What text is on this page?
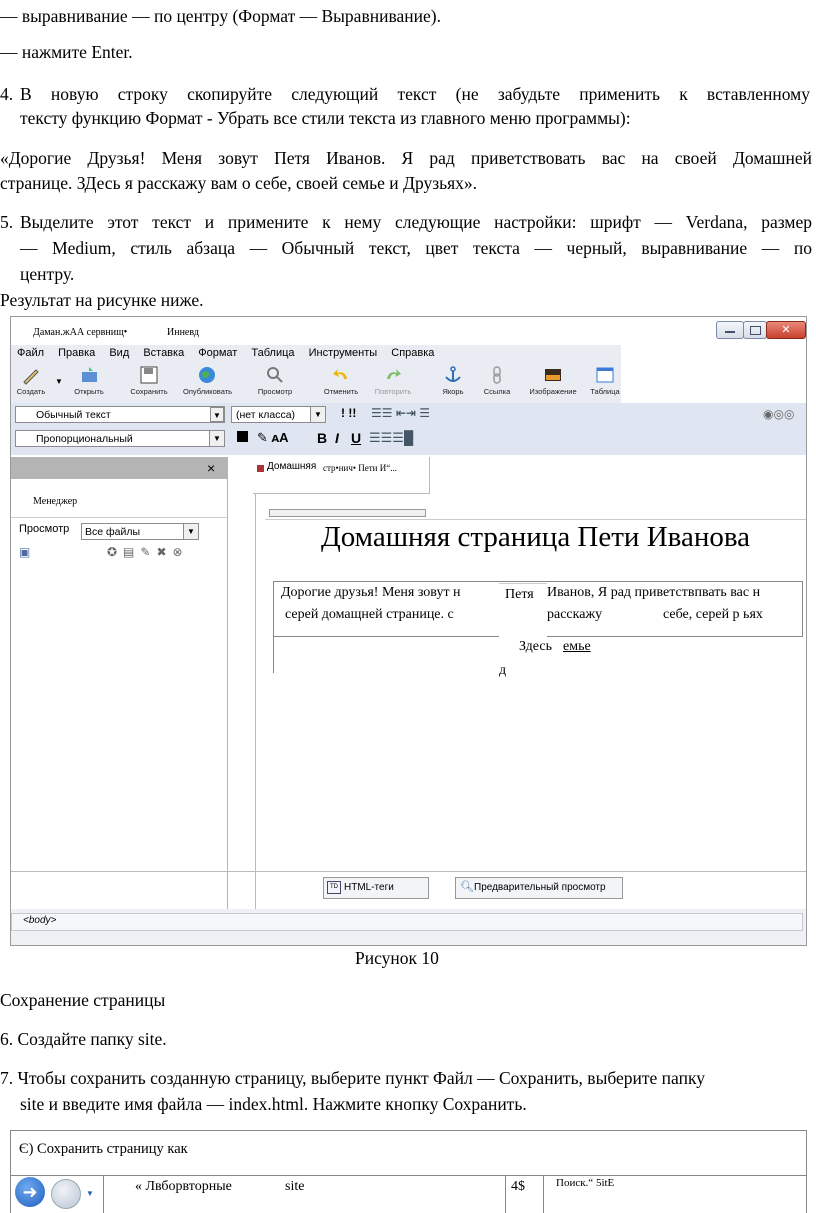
— выравнивание — по центру (Формат — Выравнивание).
— нажмите Enter.
4. В новую строку скопируйте следующий текст (не забудьте применить к вставленному
тексту функцию Формат - Убрать все стили текста из главного меню программы):
«Дорогие Друзья! Меня зовут Петя Иванов. Я рад приветствовать вас на своей Домашней
странице. ЗДесь я расскажу вам о себе, своей семье и Друзьях».
5. Выделите этот текст и примените к нему следующие настройки: шрифт — Verdana, размер
— Medium, стиль абзаца — Обычный текст, цвет текста — черный, выравнивание — по
центру.
Результат на рисунке ниже.
Даман.жАА сервнищ•	Инневд	✕
Файл Правка Вид Вставка Формат Таблица Инструменты Справка
Создать
▼
Открыть	Сохранить	Опубликовать	Просмотр	Отменить	Повторить	Якорь	Ссылка	Изображение	Таблица
Обычный текст	▼	(нет класса)	▼ ! !! ☰☰ ⇤⇥ ☰	◉◎◎
Пропорциональный	▼	✎ ᴀA B I U ☰☰☰█
×
Менеджер
Просмотр	Все файлы	▼
▣	✪▤✎✖⊗
Домашняя стр•нич• Пети И“...
Домашняя страница Пети Иванова
Дорогие друзья! Меня зовут н	Петя Иванов, Я рад приветствпвать вас н
серей домащней странице. с	расскажу	себе, серей р ьях
Здесь емье
д
TD HTML-теги	🔍︎ Предварительный просмотр
<body>
Рисунок 10
Сохранение страницы
6. Создайте папку site.
7. Чтобы сохранить созданную страницу, выберите пункт Файл — Сохранить, выберите папку
site и введите имя файла — index.html. Нажмите кнопку Сохранить.
Є) Сохранить страницу как
➜	▼	« Лвборвторные	site	4$	Поиск.“ 5itE
